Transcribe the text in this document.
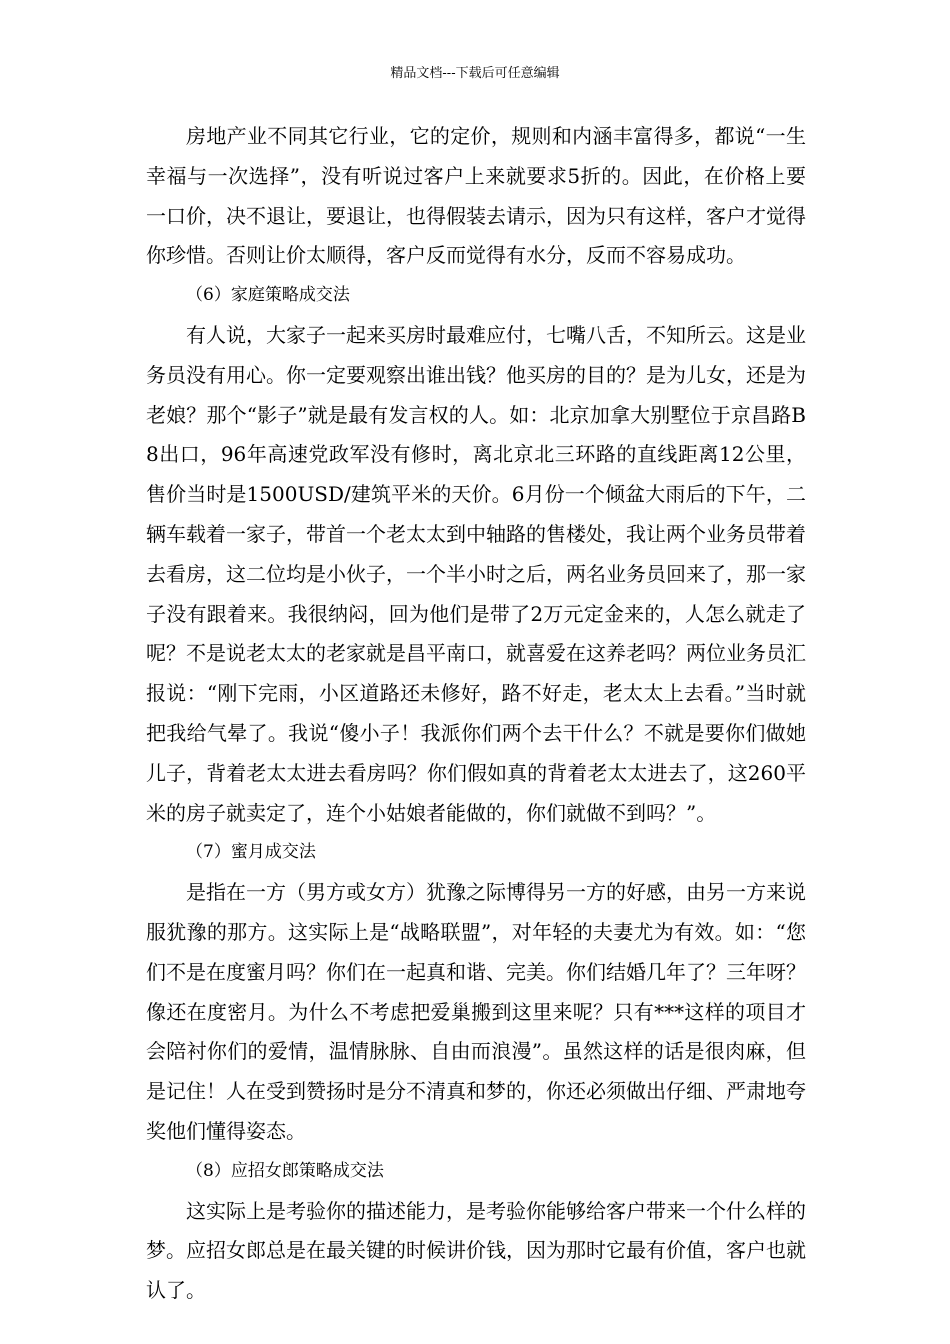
精品文档---下载后可任意编辑

房地产业不同其它行业，它的定价，规则和内涵丰富得多，都说“一生幸福与一次选择”，没有听说过客户上来就要求5折的。因此，在价格上要一口价，决不退让，要退让，也得假装去请示，因为只有这样，客户才觉得你珍惜。否则让价太顺得，客户反而觉得有水分，反而不容易成功。

（6）家庭策略成交法

有人说，大家子一起来买房时最难应付，七嘴八舌，不知所云。这是业务员没有用心。你一定要观察出谁出钱？他买房的目的？是为儿女，还是为老娘？那个“影子”就是最有发言权的人。如：北京加拿大别墅位于京昌路B8出口，96年高速党政军没有修时，离北京北三环路的直线距离12公里，售价当时是1500USD/建筑平米的天价。6月份一个倾盆大雨后的下午，二辆车载着一家子，带首一个老太太到中轴路的售楼处，我让两个业务员带着去看房，这二位均是小伙子，一个半小时之后，两名业务员回来了，那一家子没有跟着来。我很纳闷，回为他们是带了2万元定金来的，人怎么就走了呢？不是说老太太的老家就是昌平南口，就喜爱在这养老吗？两位业务员汇报说：“刚下完雨，小区道路还未修好，路不好走，老太太上去看。”当时就把我给气晕了。我说“傻小子！我派你们两个去干什么？不就是要你们做她儿子，背着老太太进去看房吗？你们假如真的背着老太太进去了，这260平米的房子就卖定了，连个小姑娘者能做的，你们就做不到吗？”。

（7）蜜月成交法

是指在一方（男方或女方）犹豫之际博得另一方的好感，由另一方来说服犹豫的那方。这实际上是“战略联盟”，对年轻的夫妻尤为有效。如：“您们不是在度蜜月吗？你们在一起真和谐、完美。你们结婚几年了？三年呀？像还在度密月。为什么不考虑把爱巢搬到这里来呢？只有***这样的项目才会陪衬你们的爱情，温情脉脉、自由而浪漫”。虽然这样的话是很肉麻，但是记住！人在受到赞扬时是分不清真和梦的，你还必须做出仔细、严肃地夸奖他们懂得姿态。

（8）应招女郎策略成交法

这实际上是考验你的描述能力，是考验你能够给客户带来一个什么样的梦。应招女郎总是在最关键的时候讲价钱，因为那时它最有价值，客户也就认了。
